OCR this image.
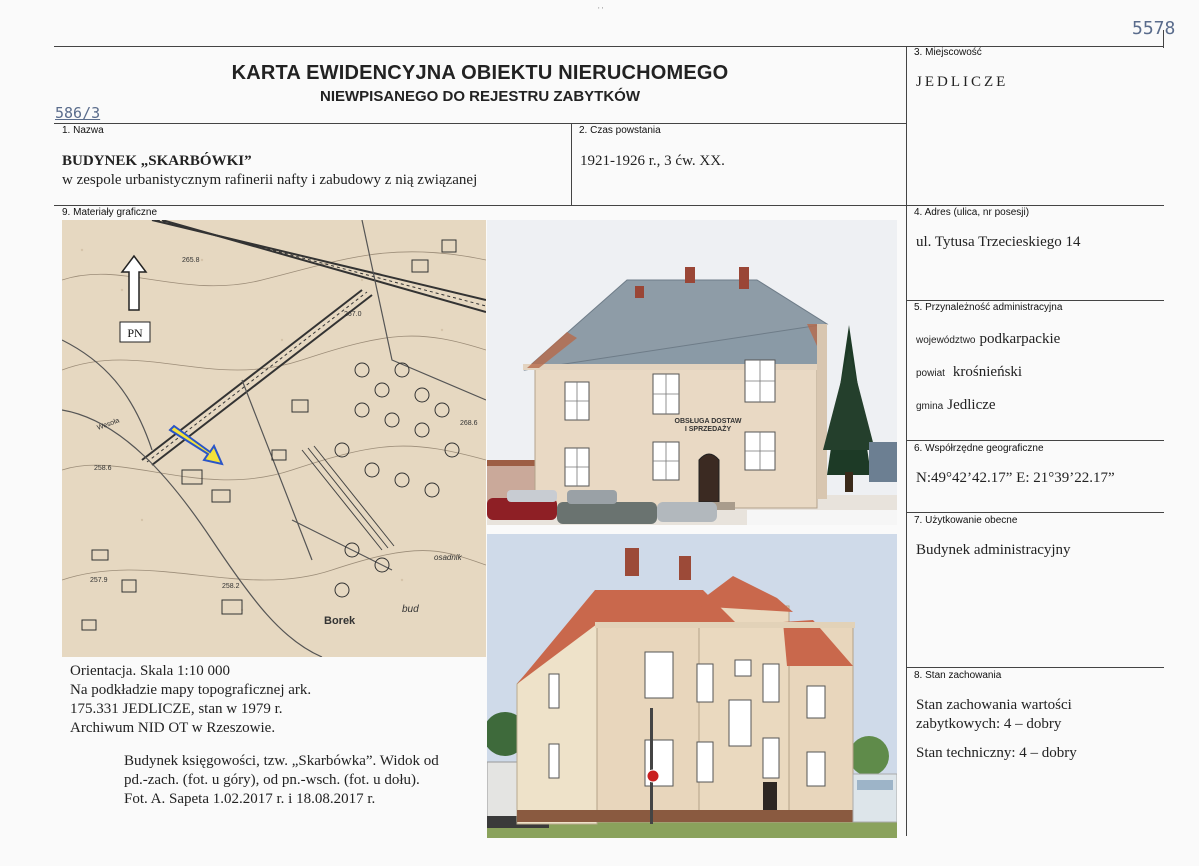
5578
586/3
' '
KARTA EWIDENCYJNA OBIEKTU NIERUCHOMEGO
NIEWPISANEGO DO REJESTRU ZABYTKÓW
3. Miejscowość
JEDLICZE
1. Nazwa
BUDYNEK „SKARBÓWKI”
w zespole urbanistycznym rafinerii nafty i zabudowy z nią związanej
2. Czas powstania
1921-1926 r., 3 ćw. XX.
9. Materiały graficzne	4. Adres (ulica, nr posesji)
ul. Tytusa Trzecieskiego 14
5. Przynależność administracyjna
województwo podkarpackie
powiat krośnieński
gmina Jedlicze
6. Współrzędne geograficzne
N:49°42’42.17” E: 21°39’22.17”
7. Użytkowanie obecne
Budynek administracyjny
8. Stan zachowania
Stan zachowania wartości
zabytkowych: 4 – dobry
Stan techniczny: 4 – dobry
265.8
267.0
268.6
258.6
258.2
257.9
Borek
bud
osadnik
Wesoła
PN
OBSŁUGA DOSTAW
I SPRZEDAŻY
Orientacja. Skala 1:10 000
Na podkładzie mapy topograficznej ark.
175.331 JEDLICZE, stan w 1979 r.
Archiwum NID OT w Rzeszowie.
Budynek księgowości, tzw. „Skarbówka”. Widok od
pd.-zach. (fot. u góry), od pn.-wsch. (fot. u dołu).
Fot. A. Sapeta 1.02.2017 r. i 18.08.2017 r.
